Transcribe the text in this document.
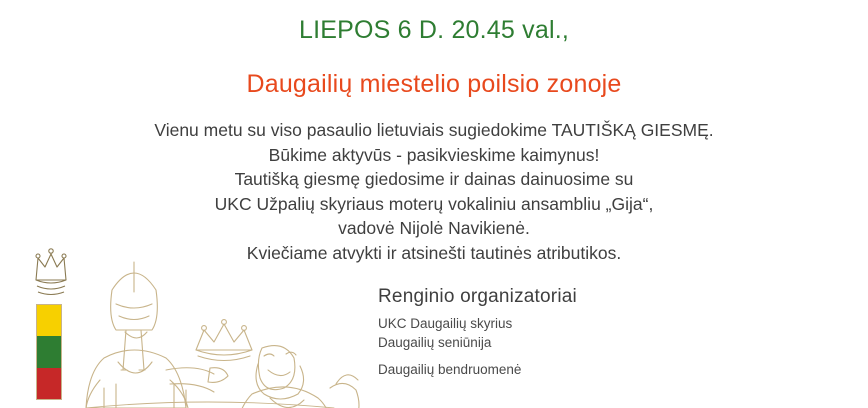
LIEPOS 6 D. 20.45 val.,
Daugailių miestelio poilsio zonoje
Vienu metu su viso pasaulio lietuviais sugiedokime TAUTIŠKĄ GIESMĘ.
Būkime aktyvūs - pasikvieskime kaimynus!
Tautišką giesmę giedosime ir dainas dainuosime su
UKC Užpalių skyriaus moterų vokaliniu ansambliu „Gija“,
vadovė Nijolė Navikienė.
Kviečiame atvykti ir atsinešti tautinės atributikos.
Renginio organizatoriai
UKC Daugailių skyrius
Daugailių seniūnija
Daugailių bendruomenė
